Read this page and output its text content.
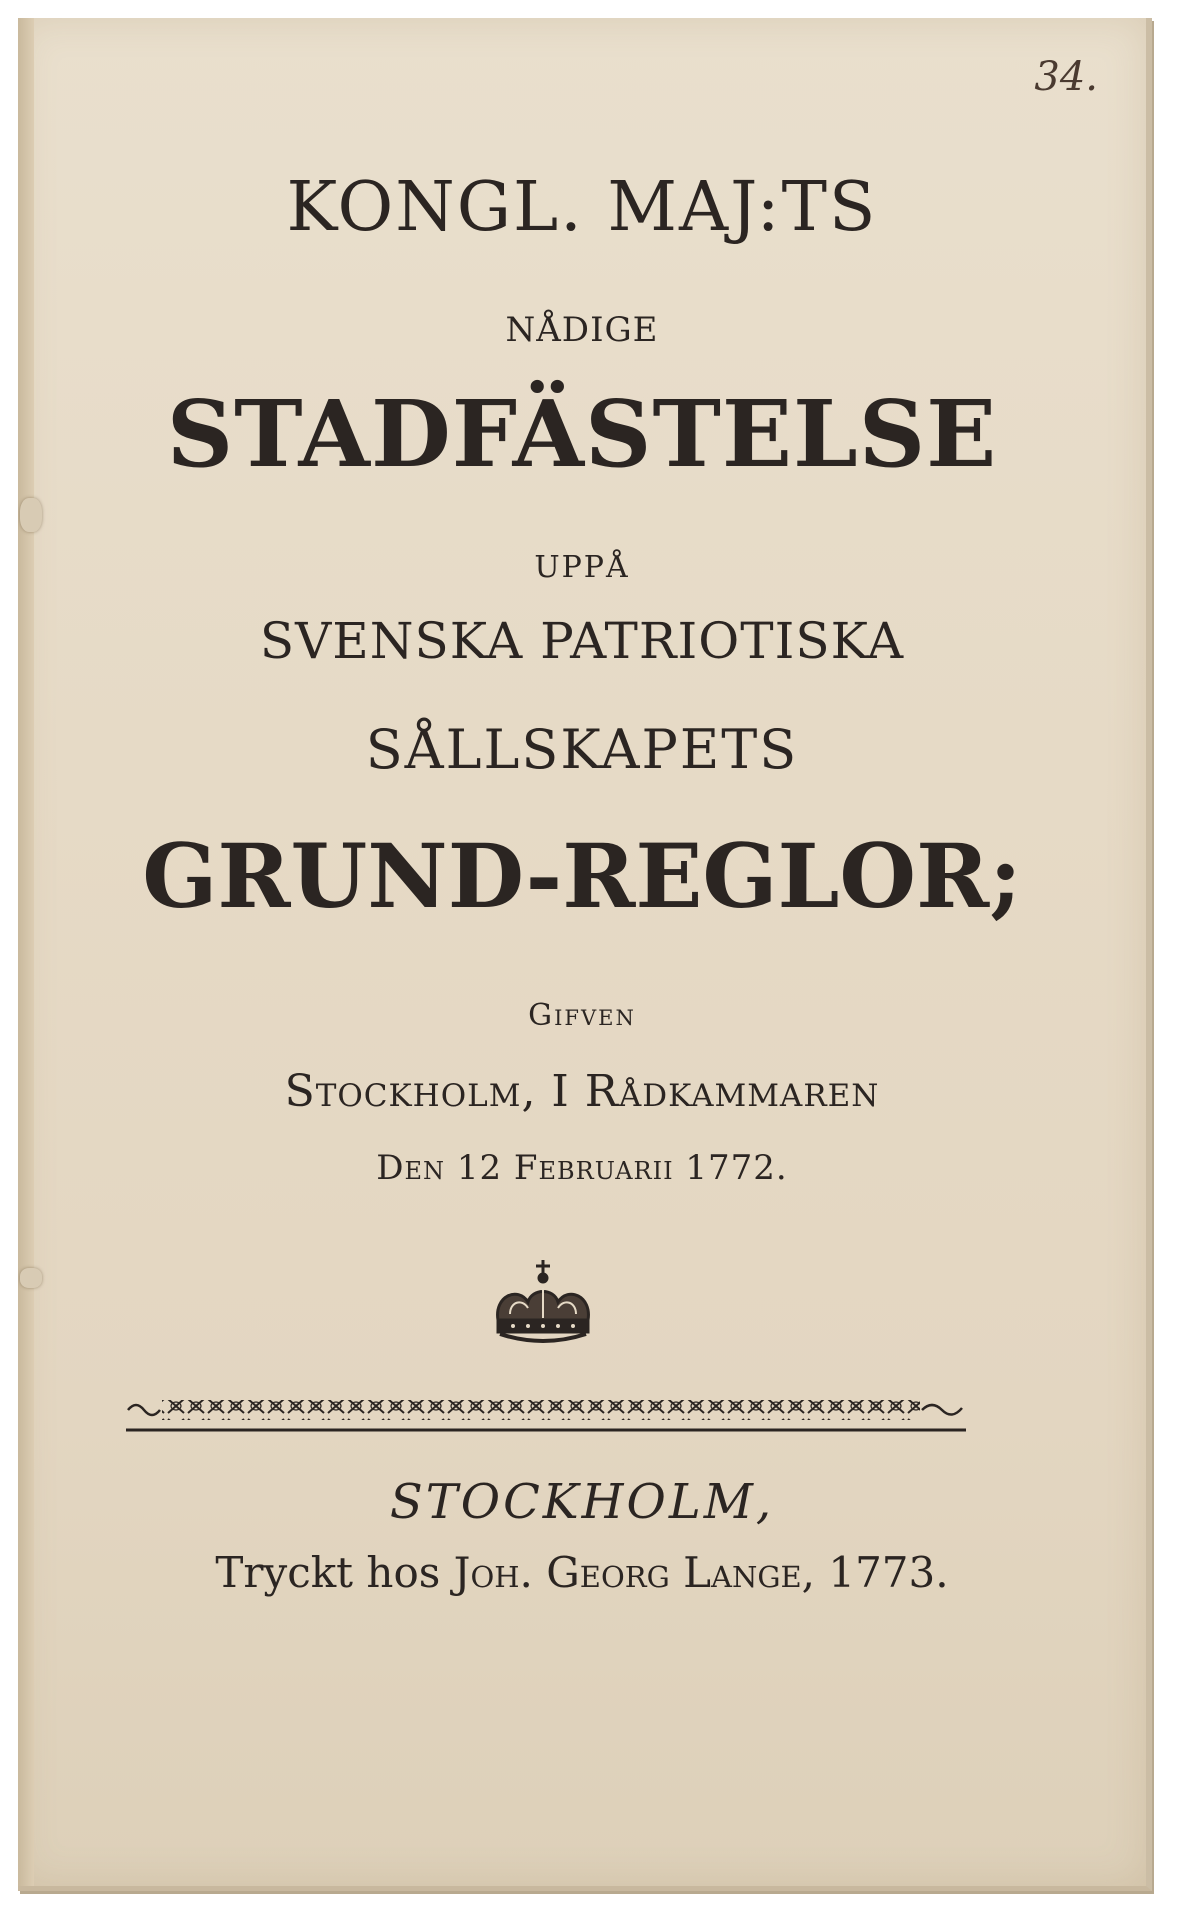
34.
KONGL. MAJ:TS
NÅDIGE
STADFÄSTELSE
UPPÅ
SVENSKA PATRIOTISKA
SÅLLSKAPETS
GRUND-REGLOR;
Gifven
Stockholm, I Rådkammaren
Den 12 Februarii 1772.
STOCKHOLM,
Tryckt hos Joh. Georg Lange, 1773.
